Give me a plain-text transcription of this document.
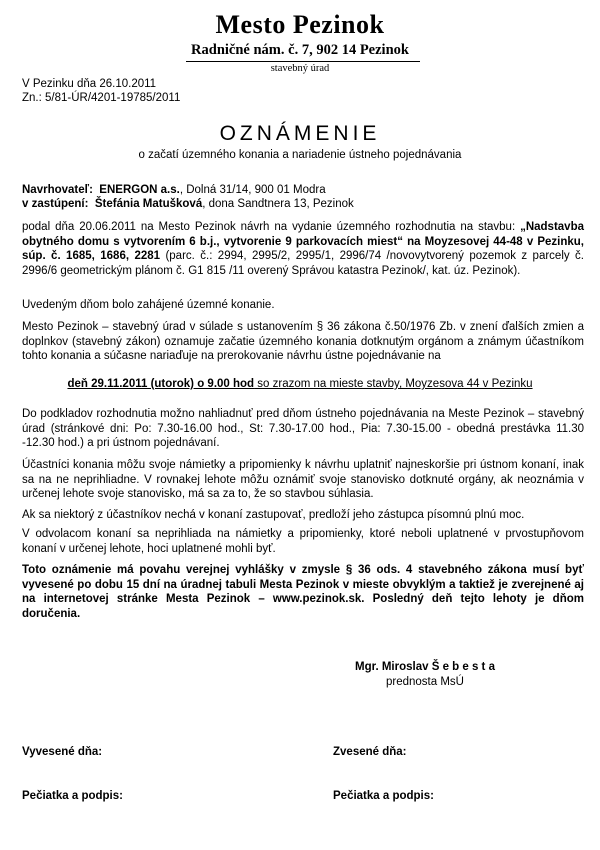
Mesto Pezinok
Radničné nám. č. 7, 902 14 Pezinok
stavebný úrad
V Pezinku dňa 26.10.2011
Zn.: 5/81-ÚR/4201-19785/2011
OZNÁMENIE
o začatí územného konania a nariadenie ústneho pojednávania
Navrhovateľ: ENERGON a.s., Dolná 31/14, 900 01 Modra
v zastúpení: Štefánia Matušková, dona Sandtnera 13, Pezinok
podal dňa 20.06.2011 na Mesto Pezinok návrh na vydanie územného rozhodnutia na stavbu: „Nadstavba obytného domu s vytvorením 6 b.j., vytvorenie 9 parkovacích miest“ na Moyzesovej 44-48 v Pezinku, súp. č. 1685, 1686, 2281 (parc. č.: 2994, 2995/2, 2995/1, 2996/74 /novovytvorený pozemok z parcely č. 2996/6 geometrickým plánom č. G1 815 /11 overený Správou katastra Pezinok/, kat. úz. Pezinok).
Uvedeným dňom bolo zahájené územné konanie.
Mesto Pezinok – stavebný úrad v súlade s ustanovením § 36 zákona č.50/1976 Zb. v znení ďalších zmien a doplnkov (stavebný zákon) oznamuje začatie územného konania dotknutým orgánom a známym účastníkom tohto konania a súčasne nariaďuje na prerokovanie návrhu ústne pojednávanie na
deň 29.11.2011 (utorok) o 9.00 hod so zrazom na mieste stavby, Moyzesova 44 v Pezinku
Do podkladov rozhodnutia možno nahliadnuť pred dňom ústneho pojednávania na Meste Pezinok – stavebný úrad (stránkové dni: Po: 7.30-16.00 hod., St: 7.30-17.00 hod., Pia: 7.30-15.00 - obedná prestávka 11.30 -12.30 hod.) a pri ústnom pojednávaní.
Účastníci konania môžu svoje námietky a pripomienky k návrhu uplatniť najneskoršie pri ústnom konaní, inak sa na ne neprihliadne. V rovnakej lehote môžu oznámiť svoje stanovisko dotknuté orgány, ak neoznámia v určenej lehote svoje stanovisko, má sa za to, že so stavbou súhlasia.
Ak sa niektorý z účastníkov nechá v konaní zastupovať, predloží jeho zástupca písomnú plnú moc.
V odvolacom konaní sa neprihliada na námietky a pripomienky, ktoré neboli uplatnené v prvostupňovom konaní v určenej lehote, hoci uplatnené mohli byť.
Toto oznámenie má povahu verejnej vyhlášky v zmysle § 36 ods. 4 stavebného zákona musí byť vyvesené po dobu 15 dní na úradnej tabuli Mesta Pezinok v mieste obvyklým a taktiež je zverejnené aj na internetovej stránke Mesta Pezinok – www.pezinok.sk. Posledný deň tejto lehoty je dňom doručenia.
Mgr. Miroslav Š e b e s t a
prednosta MsÚ
Vyvesené dňa:	Zvesené dňa:
Pečiatka a podpis:	Pečiatka a podpis:
